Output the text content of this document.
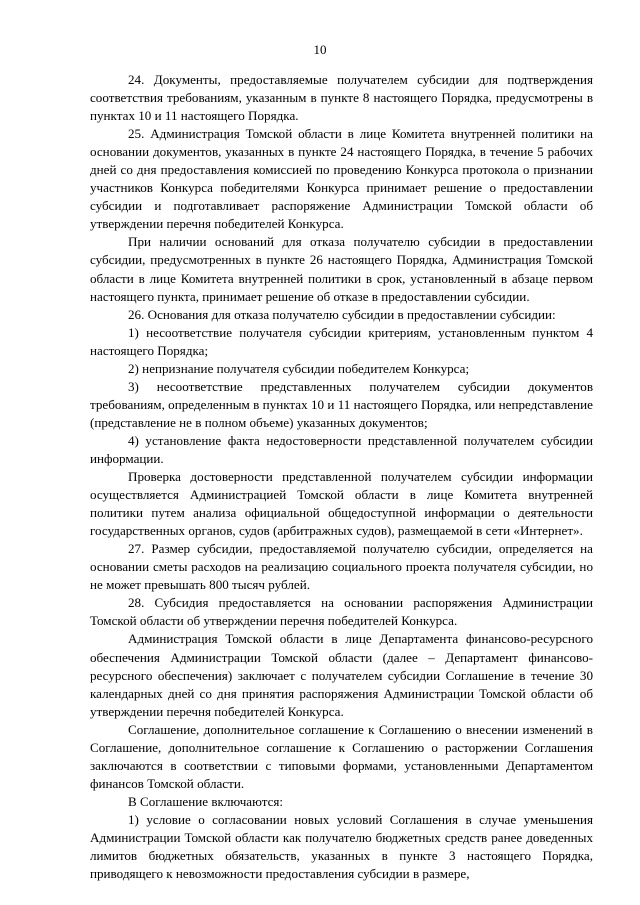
10

24. Документы, предоставляемые получателем субсидии для подтверждения соответствия требованиям, указанным в пункте 8 настоящего Порядка, предусмотрены в пунктах 10 и 11 настоящего Порядка.

25. Администрация Томской области в лице Комитета внутренней политики на основании документов, указанных в пункте 24 настоящего Порядка, в течение 5 рабочих дней со дня предоставления комиссией по проведению Конкурса протокола о признании участников Конкурса победителями Конкурса принимает решение о предоставлении субсидии и подготавливает распоряжение Администрации Томской области об утверждении перечня победителей Конкурса.

При наличии оснований для отказа получателю субсидии в предоставлении субсидии, предусмотренных в пункте 26 настоящего Порядка, Администрация Томской области в лице Комитета внутренней политики в срок, установленный в абзаце первом настоящего пункта, принимает решение об отказе в предоставлении субсидии.

26. Основания для отказа получателю субсидии в предоставлении субсидии:

1) несоответствие получателя субсидии критериям, установленным пунктом 4 настоящего Порядка;

2) непризнание получателя субсидии победителем Конкурса;

3) несоответствие представленных получателем субсидии документов требованиям, определенным в пунктах 10 и 11 настоящего Порядка, или непредставление (представление не в полном объеме) указанных документов;

4) установление факта недостоверности представленной получателем субсидии информации.

Проверка достоверности представленной получателем субсидии информации осуществляется Администрацией Томской области в лице Комитета внутренней политики путем анализа официальной общедоступной информации о деятельности государственных органов, судов (арбитражных судов), размещаемой в сети «Интернет».

27. Размер субсидии, предоставляемой получателю субсидии, определяется на основании сметы расходов на реализацию социального проекта получателя субсидии, но не может превышать 800 тысяч рублей.

28. Субсидия предоставляется на основании распоряжения Администрации Томской области об утверждении перечня победителей Конкурса.

Администрация Томской области в лице Департамента финансово-ресурсного обеспечения Администрации Томской области (далее – Департамент финансово-ресурсного обеспечения) заключает с получателем субсидии Соглашение в течение 30 календарных дней со дня принятия распоряжения Администрации Томской области об утверждении перечня победителей Конкурса.

Соглашение, дополнительное соглашение к Соглашению о внесении изменений в Соглашение, дополнительное соглашение к Соглашению о расторжении Соглашения заключаются в соответствии с типовыми формами, установленными Департаментом финансов Томской области.

В Соглашение включаются:

1) условие о согласовании новых условий Соглашения в случае уменьшения Администрации Томской области как получателю бюджетных средств ранее доведенных лимитов бюджетных обязательств, указанных в пункте 3 настоящего Порядка, приводящего к невозможности предоставления субсидии в размере,
